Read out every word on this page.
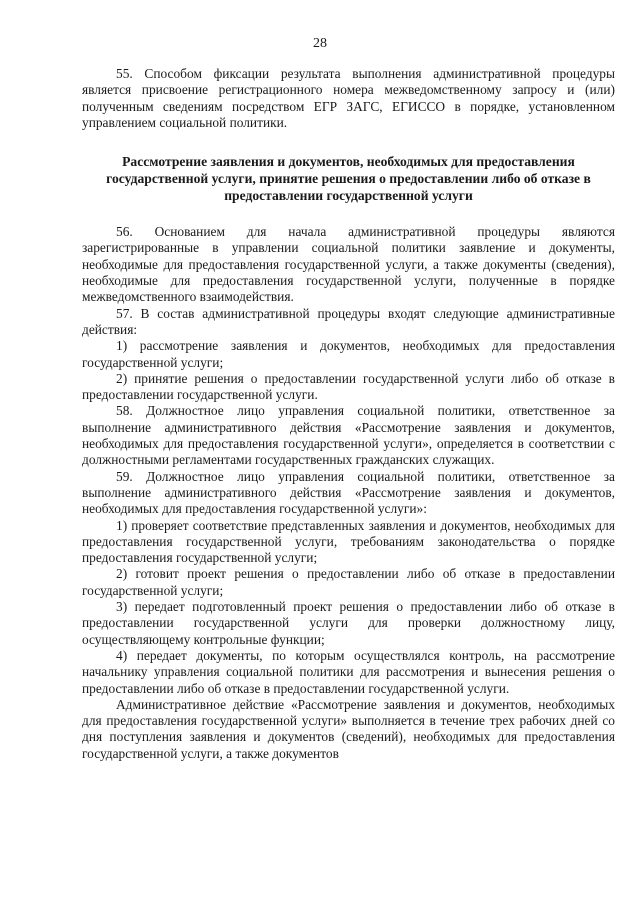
28

55. Способом фиксации результата выполнения административной процедуры является присвоение регистрационного номера межведомственному запросу и (или) полученным сведениям посредством ЕГР ЗАГС, ЕГИССО в порядке, установленном управлением социальной политики.

Рассмотрение заявления и документов, необходимых для предоставления государственной услуги, принятие решения о предоставлении либо об отказе в предоставлении государственной услуги

56. Основанием для начала административной процедуры являются зарегистрированные в управлении социальной политики заявление и документы, необходимые для предоставления государственной услуги, а также документы (сведения), необходимые для предоставления государственной услуги, полученные в порядке межведомственного взаимодействия.

57. В состав административной процедуры входят следующие административные действия:

1) рассмотрение заявления и документов, необходимых для предоставления государственной услуги;

2) принятие решения о предоставлении государственной услуги либо об отказе в предоставлении государственной услуги.

58. Должностное лицо управления социальной политики, ответственное за выполнение административного действия «Рассмотрение заявления и документов, необходимых для предоставления государственной услуги», определяется в соответствии с должностными регламентами государственных гражданских служащих.

59. Должностное лицо управления социальной политики, ответственное за выполнение административного действия «Рассмотрение заявления и документов, необходимых для предоставления государственной услуги»:

1) проверяет соответствие представленных заявления и документов, необходимых для предоставления государственной услуги, требованиям законодательства о порядке предоставления государственной услуги;

2) готовит проект решения о предоставлении либо об отказе в предоставлении государственной услуги;

3) передает подготовленный проект решения о предоставлении либо об отказе в предоставлении государственной услуги для проверки должностному лицу, осуществляющему контрольные функции;

4) передает документы, по которым осуществлялся контроль, на рассмотрение начальнику управления социальной политики для рассмотрения и вынесения решения о предоставлении либо об отказе в предоставлении государственной услуги.

Административное действие «Рассмотрение заявления и документов, необходимых для предоставления государственной услуги» выполняется в течение трех рабочих дней со дня поступления заявления и документов (сведений), необходимых для предоставления государственной услуги, а также документов
